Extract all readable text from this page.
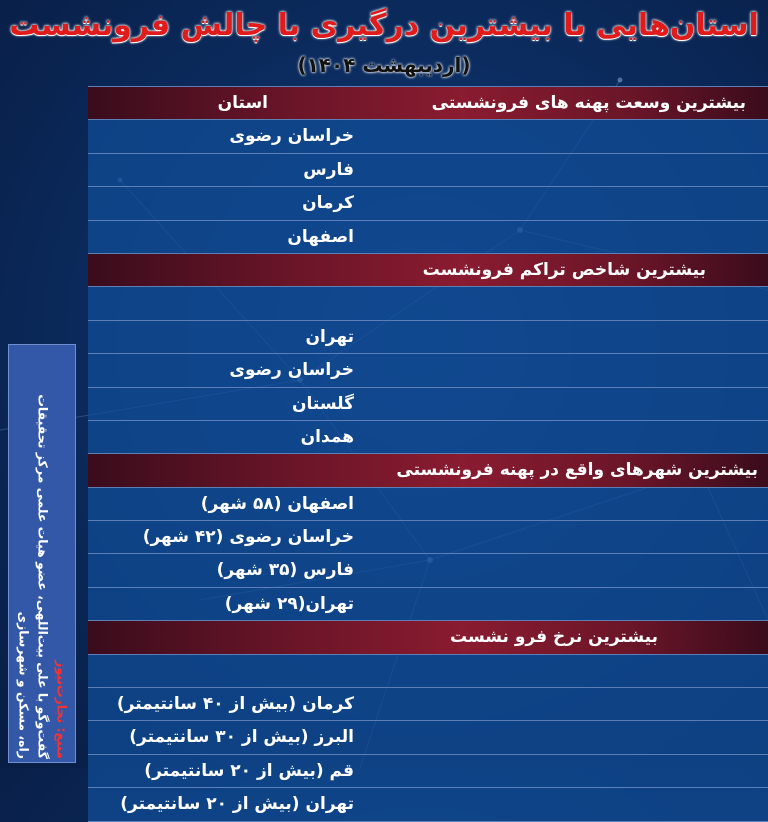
استان‌هایی با بیشترین درگیری با چالش فرونشست
(اردیبهشت ۱۴۰۴)
بیشترین وسعت پهنه های فرونشستی
استان
خراسان رضوی
فارس
کرمان
اصفهان
بیشترین شاخص تراکم فرونشست
تهران
خراسان رضوی
گلستان
همدان
بیشترین شهرهای واقع در پهنه فرونشستی
اصفهان (۵۸ شهر)
خراسان رضوی (۴۲ شهر)
فارس (۳۵ شهر)
تهران(۲۹ شهر)
بیشترین نرخ فرو نشست
کرمان (بیش از ۴۰ سانتیمتر)
البرز (بیش از ۳۰ سانتیمتر)
قم (بیش از ۲۰ سانتیمتر)
تهران (بیش از ۲۰ سانتیمتر)
منبع: تجارت‌نیوز
گفت‌وگو با علی بیت‌اللهی، عضو هیات علمی مرکز تحقیقات
راه، مسکن و شهرسازی
